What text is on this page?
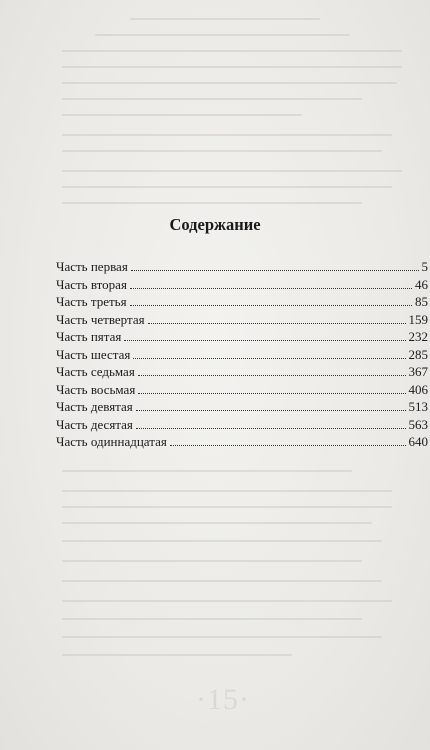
·15·
Содержание
Часть первая	5
Часть вторая	46
Часть третья	85
Часть четвертая	159
Часть пятая	232
Часть шестая	285
Часть седьмая	367
Часть восьмая	406
Часть девятая	513
Часть десятая	563
Часть одиннадцатая	640
